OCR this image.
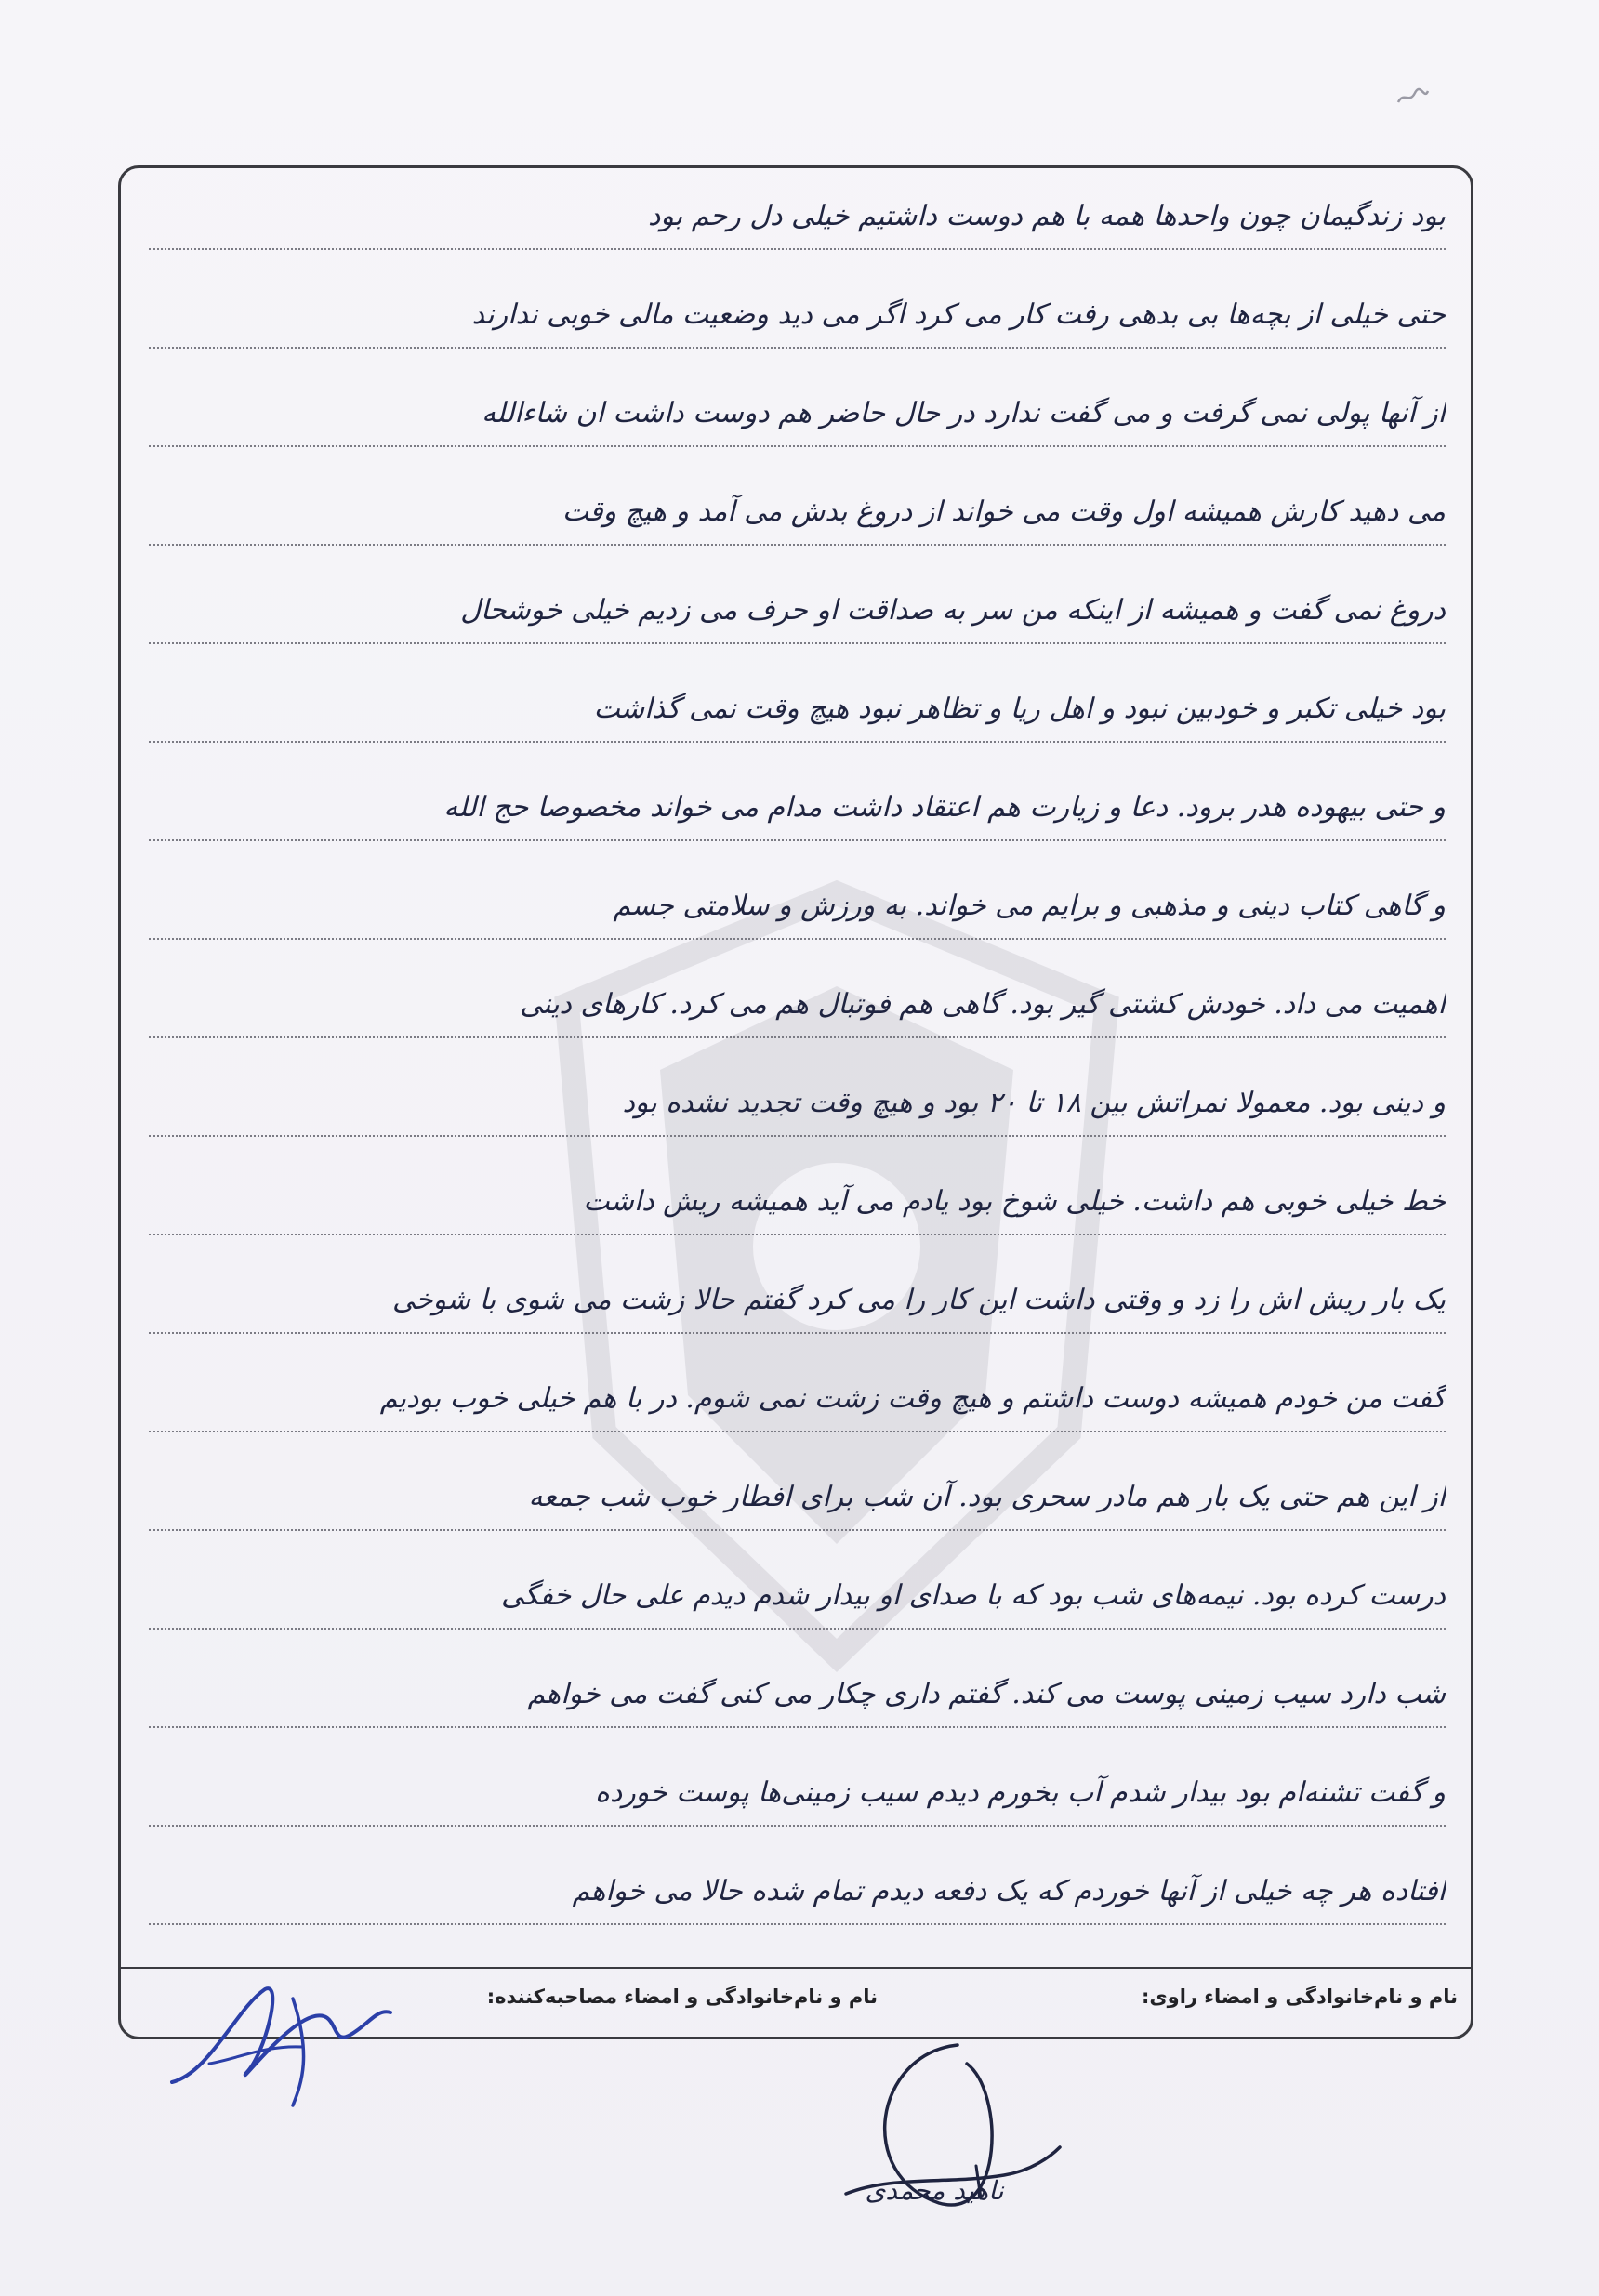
بود زندگیمان چون واحدها همه با هم دوست داشتیم خیلی دل رحم بود
حتی خیلی از بچه‌ها بی بدهی رفت کار می کرد اگر می دید وضعیت مالی خوبی ندارند
از آنها پولی نمی گرفت و می گفت ندارد در حال حاضر هم دوست داشت ان شاءالله
می دهید کارش همیشه اول وقت می خواند از دروغ بدش می آمد و هیچ وقت
دروغ نمی گفت و همیشه از اینکه من سر به صداقت او حرف می زدیم خیلی خوشحال
بود خیلی تکبر و خودبین نبود و اهل ریا و تظاهر نبود هیچ وقت نمی گذاشت
و حتی بیهوده هدر برود. دعا و زیارت هم اعتقاد داشت مدام می خواند مخصوصا حج الله
و گاهی کتاب دینی و مذهبی و برایم می خواند. به ورزش و سلامتی جسم
اهمیت می داد. خودش کشتی گیر بود. گاهی هم فوتبال هم می کرد. کارهای دینی
و دینی بود. معمولا نمراتش بین ۱۸ تا ۲۰ بود و هیچ وقت تجدید نشده بود
خط خیلی خوبی هم داشت. خیلی شوخ بود یادم می آید همیشه ریش داشت
یک بار ریش اش را زد و وقتی داشت این کار را می کرد گفتم حالا زشت می شوی با شوخی
گفت من خودم همیشه دوست داشتم و هیچ وقت زشت نمی شوم. در با هم خیلی خوب بودیم
از این هم حتی یک بار هم مادر سحری بود. آن شب برای افطار خوب شب جمعه
درست کرده بود. نیمه‌های شب بود که با صدای او بیدار شدم دیدم علی حال خفگی
شب دارد سیب زمینی پوست می کند. گفتم داری چکار می کنی گفت می خواهم
و گفت تشنه‌ام بود بیدار شدم آب بخورم دیدم سیب زمینی‌ها پوست خورده
افتاده هر چه خیلی از آنها خوردم که یک دفعه دیدم تمام شده حالا می خواهم
نام و نام‌خانوادگی و امضاء راوی:
نام و نام‌خانوادگی و امضاء مصاحبه‌کننده:
ناهید محمدی
